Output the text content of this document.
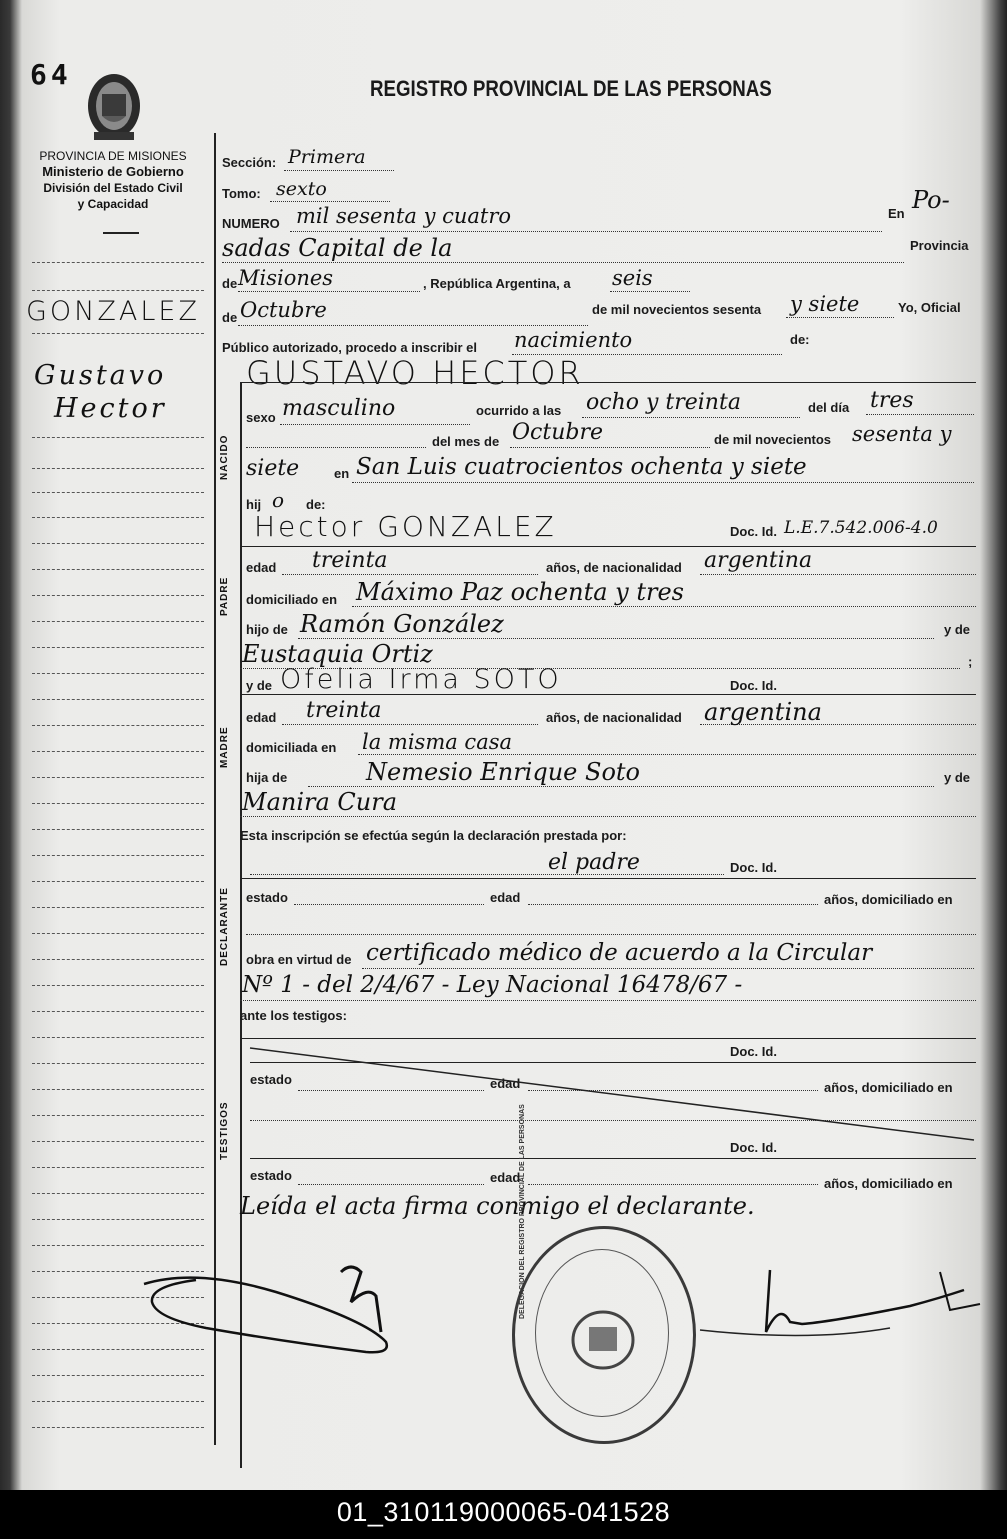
64	REGISTRO PROVINCIAL DE LAS PERSONAS
PROVINCIA DE MISIONES
Ministerio de Gobierno
División del Estado Civil
y Capacidad
GONZALEZ
Gustavo
Hector
Sección: Primera
Tomo: sexto
NUMERO mil sesenta y cuatro	En Po-
sadas Capital de la	Provincia
de Misiones	, República Argentina, a seis
de Octubre	de mil novecientos sesenta y siete	Yo, Oficial
Público autorizado, procedo a inscribir el nacimiento	de:
GUSTAVO HECTOR
NACIDO
sexo masculino	ocurrido a las ocho y treinta	del día tres
del mes de Octubre	de mil novecientos sesenta y
siete	en San Luis cuatrocientos ochenta y siete
hij o de:
PADRE
Hector GONZALEZ	Doc. Id. L.E.7.542.006-4.0
edad treinta	años, de nacionalidad argentina
domiciliado en Máximo Paz ochenta y tres
hijo de Ramón González	y de
Eustaquia Ortiz	;
MADRE
y de Ofelia Irma SOTO	Doc. Id.
edad treinta	años, de nacionalidad argentina
domiciliada en la misma casa
hija de	Nemesio Enrique Soto	y de
Manira Cura
Esta inscripción se efectúa según la declaración prestada por:
DECLARANTE
el padre	Doc. Id.
estado	edad	años, domiciliado en
obra en virtud de certificado médico de acuerdo a la Circular
Nº 1 - del 2/4/67 - Ley Nacional 16478/67 -
ante los testigos:
TESTIGOS
Doc. Id.
estado	edad	años, domiciliado en
Doc. Id.
estado	edad	años, domiciliado en
Leída el acta firma conmigo el declarante.
DELEGACION DEL REGISTRO PROVINCIAL DE LAS PERSONAS
01_310119000065-041528
